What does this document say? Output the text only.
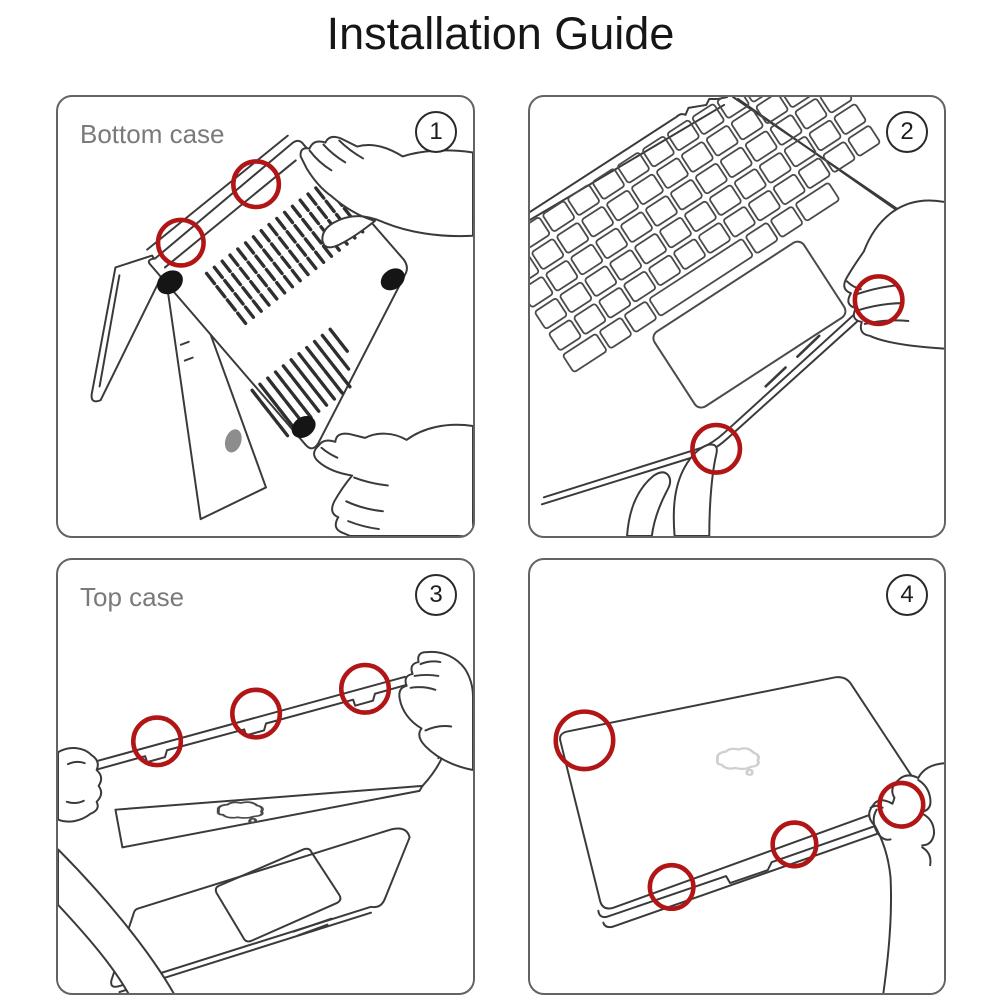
Installation Guide
Bottom case	1	2
Top case	3	4
